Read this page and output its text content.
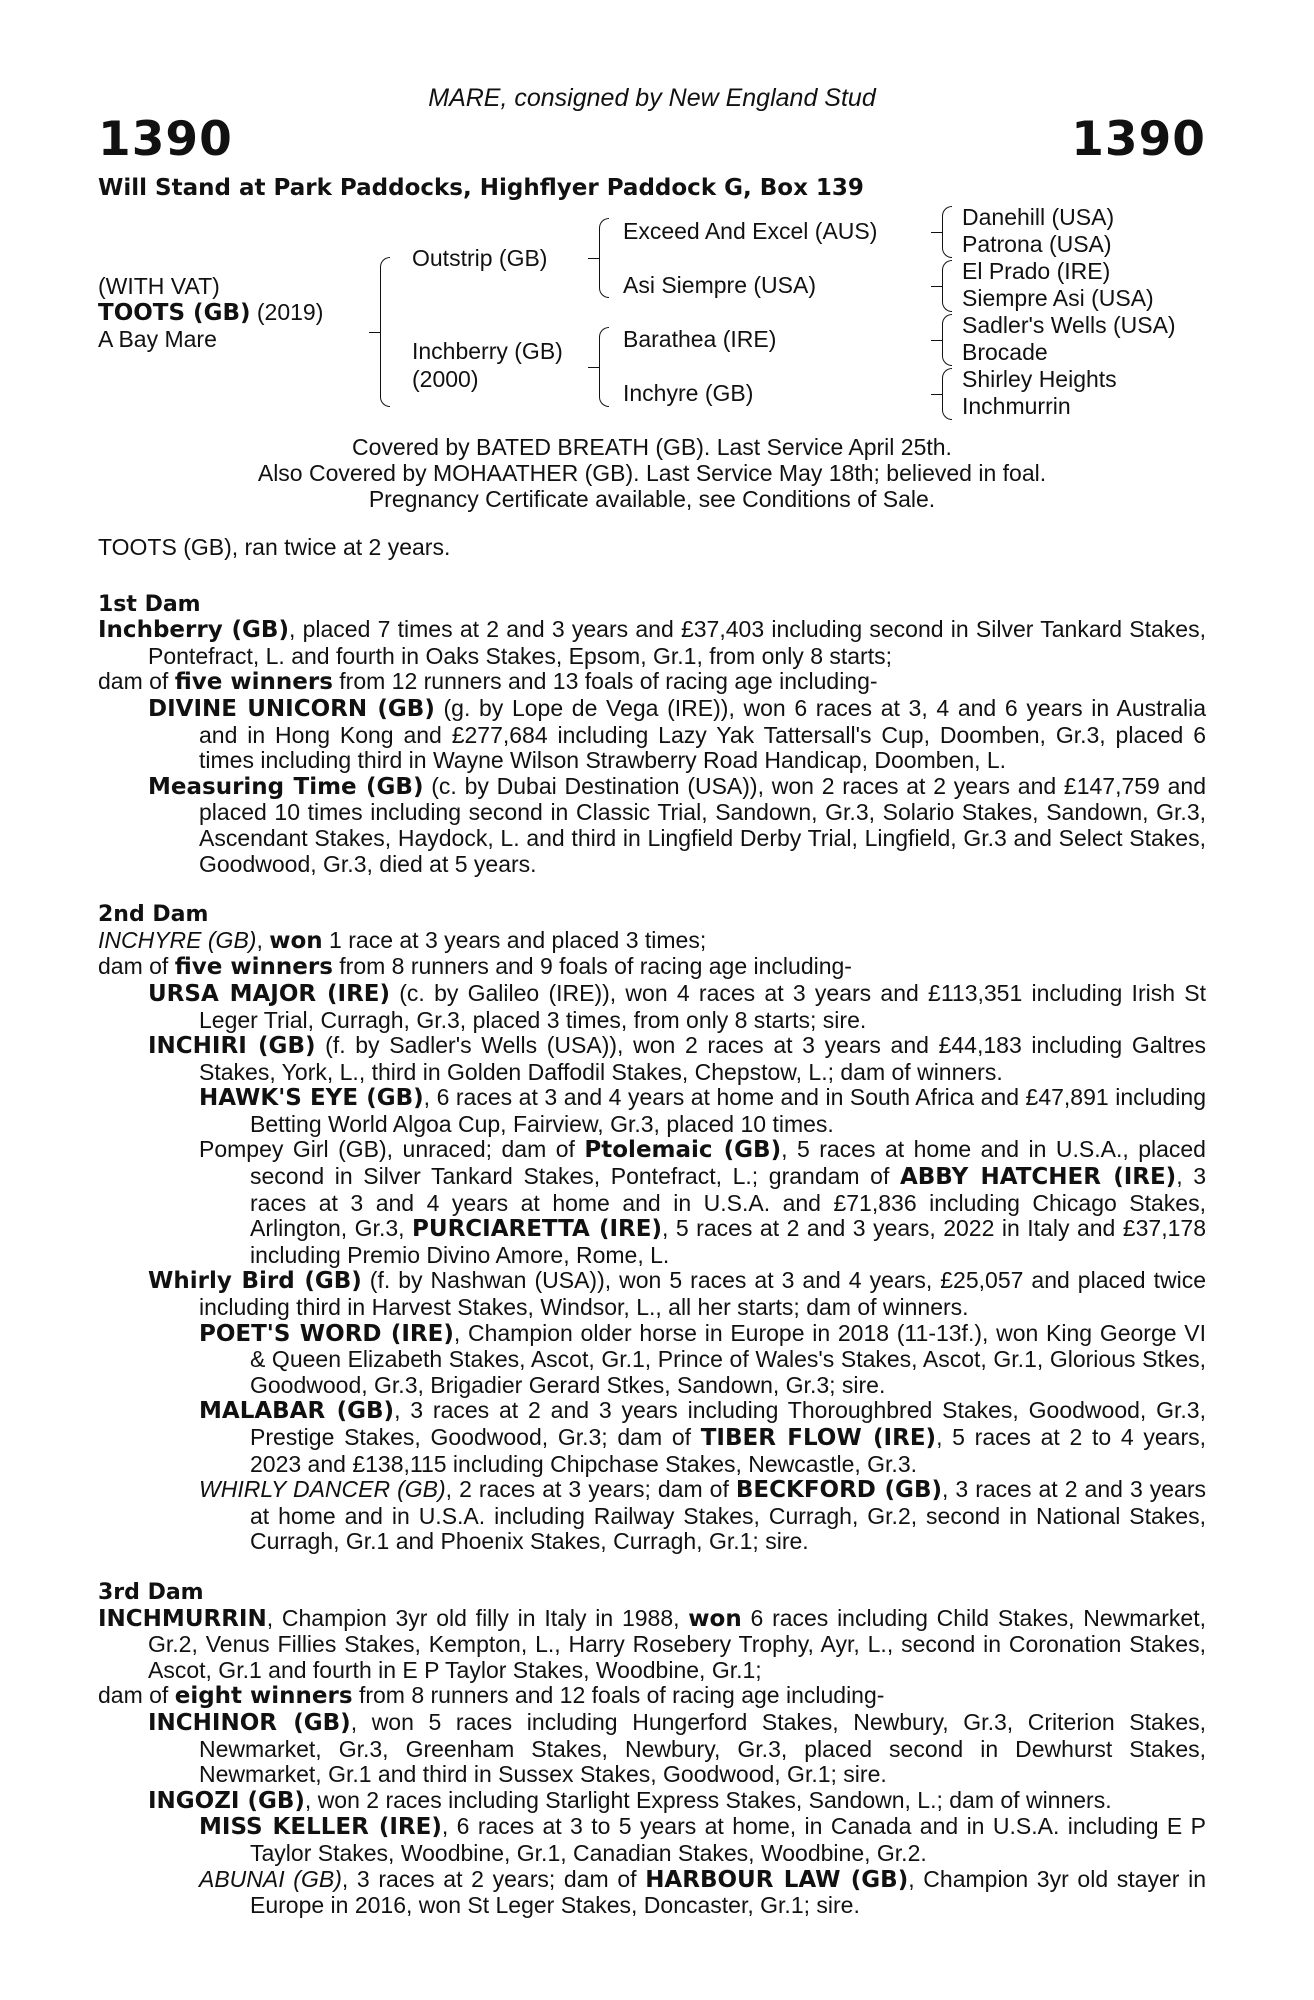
MARE, consigned by New England Stud
1390	1390
Will Stand at Park Paddocks, Highflyer Paddock G, Box 139
(WITH VAT)
TOOTS (GB) (2019)
A Bay Mare
Outstrip (GB)
Inchberry (GB)
(2000)
Exceed And Excel (AUS)
Asi Siempre (USA)
Barathea (IRE)
Inchyre (GB)
Danehill (USA)
Patrona (USA)
El Prado (IRE)
Siempre Asi (USA)
Sadler's Wells (USA)
Brocade
Shirley Heights
Inchmurrin
Covered by BATED BREATH (GB). Last Service April 25th.
Also Covered by MOHAATHER (GB). Last Service May 18th; believed in foal.
Pregnancy Certificate available, see Conditions of Sale.

TOOTS (GB), ran twice at 2 years.

1st Dam

Inchberry (GB), placed 7 times at 2 and 3 years and £37,403 including second in Silver Tankard Stakes, Pontefract, L. and fourth in Oaks Stakes, Epsom, Gr.1, from only 8 starts;

dam of five winners from 12 runners and 13 foals of racing age including-

DIVINE UNICORN (GB) (g. by Lope de Vega (IRE)), won 6 races at 3, 4 and 6 years in Australia and in Hong Kong and £277,684 including Lazy Yak Tattersall's Cup, Doomben, Gr.3, placed 6 times including third in Wayne Wilson Strawberry Road Handicap, Doomben, L.

Measuring Time (GB) (c. by Dubai Destination (USA)), won 2 races at 2 years and £147,759 and placed 10 times including second in Classic Trial, Sandown, Gr.3, Solario Stakes, Sandown, Gr.3, Ascendant Stakes, Haydock, L. and third in Lingfield Derby Trial, Lingfield, Gr.3 and Select Stakes, Goodwood, Gr.3, died at 5 years.

2nd Dam

INCHYRE (GB), won 1 race at 3 years and placed 3 times;

dam of five winners from 8 runners and 9 foals of racing age including-

URSA MAJOR (IRE) (c. by Galileo (IRE)), won 4 races at 3 years and £113,351 including Irish St Leger Trial, Curragh, Gr.3, placed 3 times, from only 8 starts; sire.

INCHIRI (GB) (f. by Sadler's Wells (USA)), won 2 races at 3 years and £44,183 including Galtres Stakes, York, L., third in Golden Daffodil Stakes, Chepstow, L.; dam of winners.

HAWK'S EYE (GB), 6 races at 3 and 4 years at home and in South Africa and £47,891 including Betting World Algoa Cup, Fairview, Gr.3, placed 10 times.

Pompey Girl (GB), unraced; dam of Ptolemaic (GB), 5 races at home and in U.S.A., placed second in Silver Tankard Stakes, Pontefract, L.; grandam of ABBY HATCHER (IRE), 3 races at 3 and 4 years at home and in U.S.A. and £71,836 including Chicago Stakes, Arlington, Gr.3, PURCIARETTA (IRE), 5 races at 2 and 3 years, 2022 in Italy and £37,178 including Premio Divino Amore, Rome, L.

Whirly Bird (GB) (f. by Nashwan (USA)), won 5 races at 3 and 4 years, £25,057 and placed twice including third in Harvest Stakes, Windsor, L., all her starts; dam of winners.

POET'S WORD (IRE), Champion older horse in Europe in 2018 (11-13f.), won King George VI & Queen Elizabeth Stakes, Ascot, Gr.1, Prince of Wales's Stakes, Ascot, Gr.1, Glorious Stkes, Goodwood, Gr.3, Brigadier Gerard Stkes, Sandown, Gr.3; sire.

MALABAR (GB), 3 races at 2 and 3 years including Thoroughbred Stakes, Goodwood, Gr.3, Prestige Stakes, Goodwood, Gr.3; dam of TIBER FLOW (IRE), 5 races at 2 to 4 years, 2023 and £138,115 including Chipchase Stakes, Newcastle, Gr.3.

WHIRLY DANCER (GB), 2 races at 3 years; dam of BECKFORD (GB), 3 races at 2 and 3 years at home and in U.S.A. including Railway Stakes, Curragh, Gr.2, second in National Stakes, Curragh, Gr.1 and Phoenix Stakes, Curragh, Gr.1; sire.

3rd Dam

INCHMURRIN, Champion 3yr old filly in Italy in 1988, won 6 races including Child Stakes, Newmarket, Gr.2, Venus Fillies Stakes, Kempton, L., Harry Rosebery Trophy, Ayr, L., second in Coronation Stakes, Ascot, Gr.1 and fourth in E P Taylor Stakes, Woodbine, Gr.1;

dam of eight winners from 8 runners and 12 foals of racing age including-

INCHINOR (GB), won 5 races including Hungerford Stakes, Newbury, Gr.3, Criterion Stakes, Newmarket, Gr.3, Greenham Stakes, Newbury, Gr.3, placed second in Dewhurst Stakes, Newmarket, Gr.1 and third in Sussex Stakes, Goodwood, Gr.1; sire.

INGOZI (GB), won 2 races including Starlight Express Stakes, Sandown, L.; dam of winners.

MISS KELLER (IRE), 6 races at 3 to 5 years at home, in Canada and in U.S.A. including E P Taylor Stakes, Woodbine, Gr.1, Canadian Stakes, Woodbine, Gr.2.

ABUNAI (GB), 3 races at 2 years; dam of HARBOUR LAW (GB), Champion 3yr old stayer in Europe in 2016, won St Leger Stakes, Doncaster, Gr.1; sire.
